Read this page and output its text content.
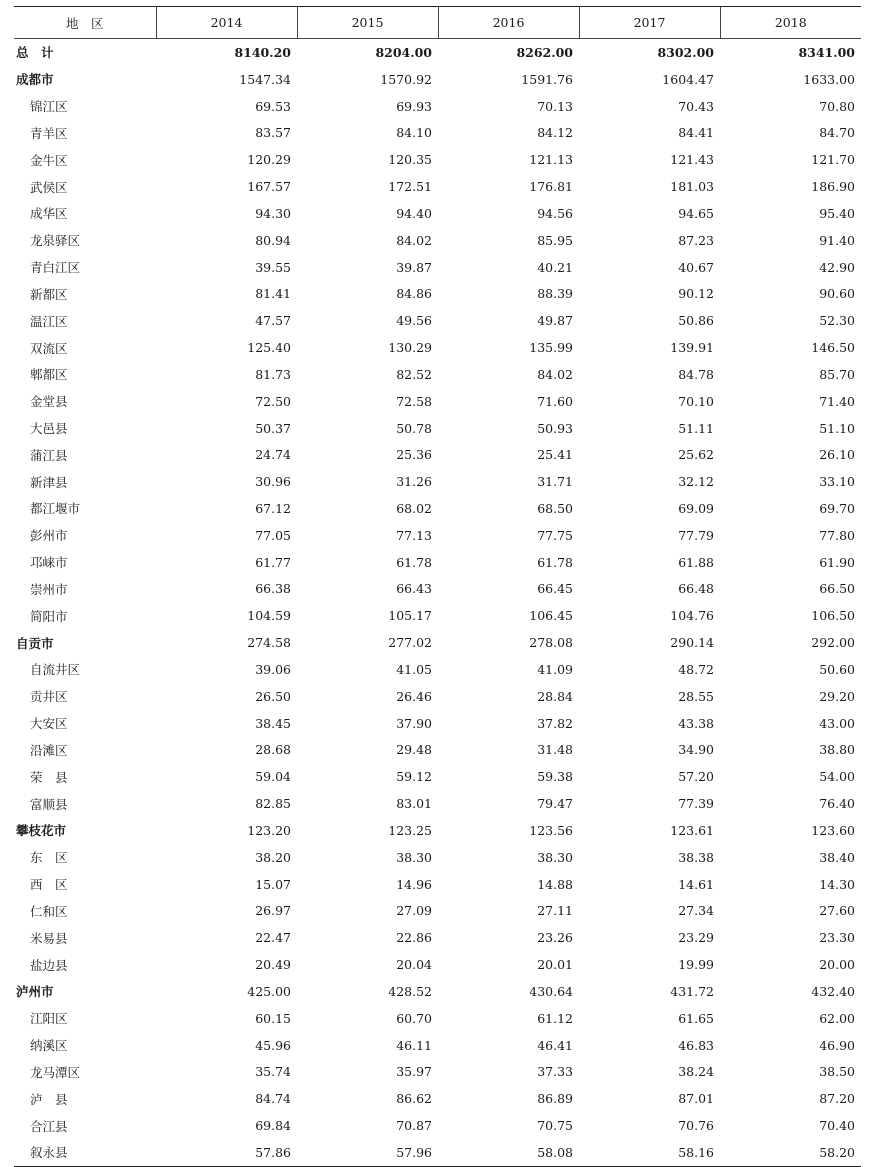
地　区	2014	2015	2016	2017	2018
总　计	8140.20	8204.00	8262.00	8302.00	8341.00
成都市	1547.34	1570.92	1591.76	1604.47	1633.00
锦江区	69.53	69.93	70.13	70.43	70.80
青羊区	83.57	84.10	84.12	84.41	84.70
金牛区	120.29	120.35	121.13	121.43	121.70
武侯区	167.57	172.51	176.81	181.03	186.90
成华区	94.30	94.40	94.56	94.65	95.40
龙泉驿区	80.94	84.02	85.95	87.23	91.40
青白江区	39.55	39.87	40.21	40.67	42.90
新都区	81.41	84.86	88.39	90.12	90.60
温江区	47.57	49.56	49.87	50.86	52.30
双流区	125.40	130.29	135.99	139.91	146.50
郫都区	81.73	82.52	84.02	84.78	85.70
金堂县	72.50	72.58	71.60	70.10	71.40
大邑县	50.37	50.78	50.93	51.11	51.10
蒲江县	24.74	25.36	25.41	25.62	26.10
新津县	30.96	31.26	31.71	32.12	33.10
都江堰市	67.12	68.02	68.50	69.09	69.70
彭州市	77.05	77.13	77.75	77.79	77.80
邛崃市	61.77	61.78	61.78	61.88	61.90
崇州市	66.38	66.43	66.45	66.48	66.50
简阳市	104.59	105.17	106.45	104.76	106.50
自贡市	274.58	277.02	278.08	290.14	292.00
自流井区	39.06	41.05	41.09	48.72	50.60
贡井区	26.50	26.46	28.84	28.55	29.20
大安区	38.45	37.90	37.82	43.38	43.00
沿滩区	28.68	29.48	31.48	34.90	38.80
荣　县	59.04	59.12	59.38	57.20	54.00
富顺县	82.85	83.01	79.47	77.39	76.40
攀枝花市	123.20	123.25	123.56	123.61	123.60
东　区	38.20	38.30	38.30	38.38	38.40
西　区	15.07	14.96	14.88	14.61	14.30
仁和区	26.97	27.09	27.11	27.34	27.60
米易县	22.47	22.86	23.26	23.29	23.30
盐边县	20.49	20.04	20.01	19.99	20.00
泸州市	425.00	428.52	430.64	431.72	432.40
江阳区	60.15	60.70	61.12	61.65	62.00
纳溪区	45.96	46.11	46.41	46.83	46.90
龙马潭区	35.74	35.97	37.33	38.24	38.50
泸　县	84.74	86.62	86.89	87.01	87.20
合江县	69.84	70.87	70.75	70.76	70.40
叙永县	57.86	57.96	58.08	58.16	58.20
